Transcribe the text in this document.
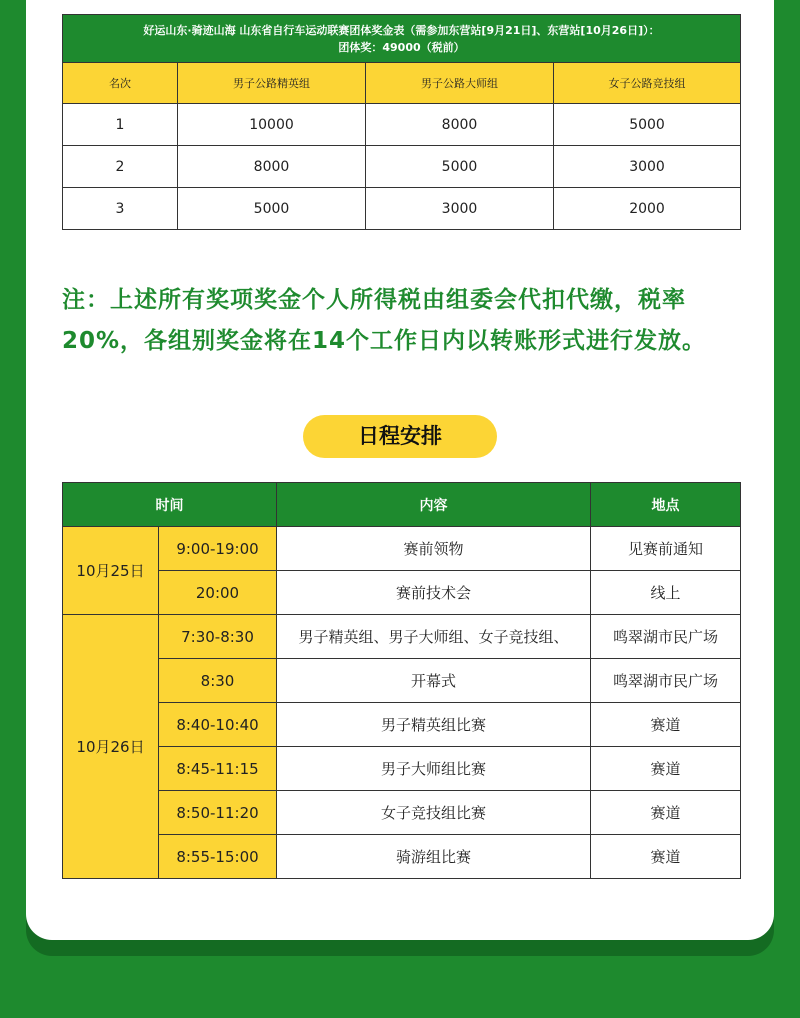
好运山东·骑迹山海 山东省自行车运动联赛团体奖金表（需参加东营站[9月21日]、东营站[10月26日]）：
团体奖：49000（税前）			

名次	男子公路精英组	男子公路大师组	女子公路竞技组
1	10000	8000	5000
2	8000	5000	3000
3	5000	3000	2000
注：上述所有奖项奖金个人所得税由组委会代扣代缴，税率
20%，各组别奖金将在14个工作日内以转账形式进行发放。
日程安排
时间		内容	地点
10月25日	9:00-19:00	赛前领物	见赛前通知
	20:00	赛前技术会	线上
10月26日	7:30-8:30	男子精英组、男子大师组、女子竞技组、	鸣翠湖市民广场
	8:30	开幕式	鸣翠湖市民广场
	8:40-10:40	男子精英组比赛	赛道
	8:45-11:15	男子大师组比赛	赛道
	8:50-11:20	女子竞技组比赛	赛道
	8:55-15:00	骑游组比赛	赛道
